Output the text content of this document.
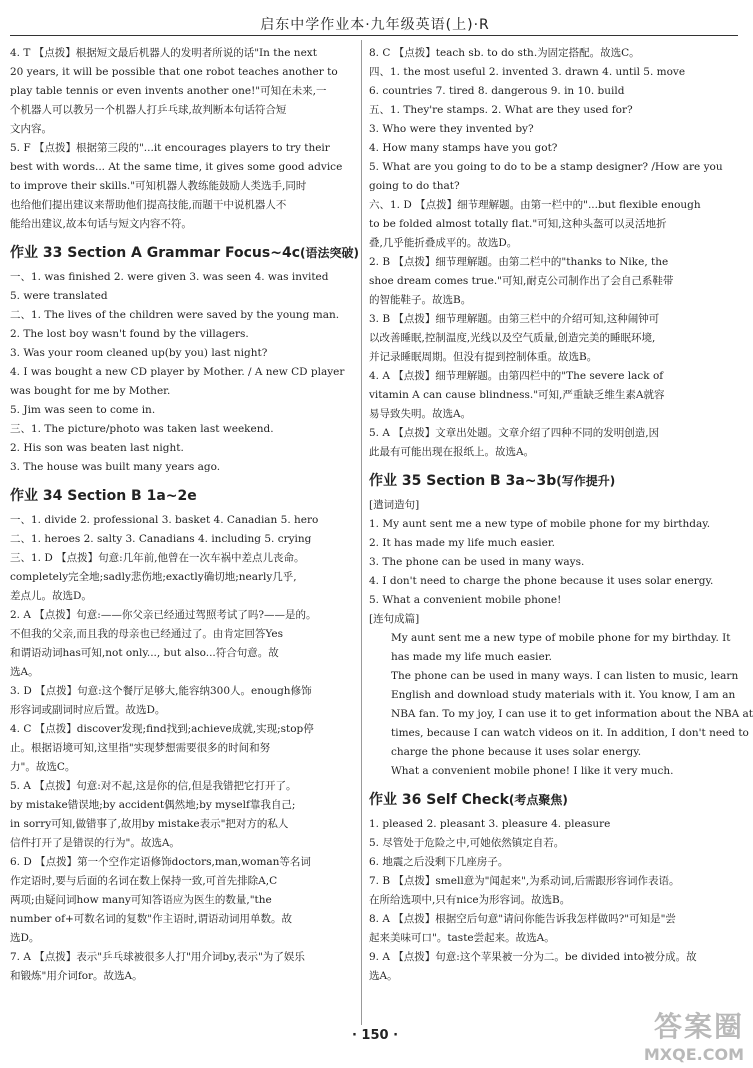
启东中学作业本·九年级英语(上)·R
4. T 【点拨】根据短文最后机器人的发明者所说的话"In the next
20 years, it will be possible that one robot teaches another to
play table tennis or even invents another one!"可知在未来,一
个机器人可以教另一个机器人打乒乓球,故判断本句话符合短
文内容。
5. F 【点拨】根据第三段的"...it encourages players to try their
best with words... At the same time, it gives some good advice
to improve their skills."可知机器人教练能鼓励人类选手,同时
也给他们提出建议来帮助他们提高技能,而题干中说机器人不
能给出建议,故本句话与短文内容不符。
作业 33 Section A Grammar Focus~4c(语法突破)
一、1. was finished 2. were given 3. was seen 4. was invited
5. were translated
二、1. The lives of the children were saved by the young man.
2. The lost boy wasn't found by the villagers.
3. Was your room cleaned up(by you) last night?
4. I was bought a new CD player by Mother. / A new CD player
was bought for me by Mother.
5. Jim was seen to come in.
三、1. The picture/photo was taken last weekend.
2. His son was beaten last night.
3. The house was built many years ago.
作业 34 Section B 1a~2e
一、1. divide 2. professional 3. basket 4. Canadian 5. hero
二、1. heroes 2. salty 3. Canadians 4. including 5. crying
三、1. D 【点拨】句意:几年前,他曾在一次车祸中差点儿丧命。
completely完全地;sadly悲伤地;exactly确切地;nearly几乎,
差点儿。故选D。
2. A 【点拨】句意:——你父亲已经通过驾照考试了吗?——是的。
不但我的父亲,而且我的母亲也已经通过了。由肯定回答Yes
和谓语动词has可知,not only..., but also...符合句意。故
选A。
3. D 【点拨】句意:这个餐厅足够大,能容纳300人。enough修饰
形容词或副词时应后置。故选D。
4. C 【点拨】discover发现;find找到;achieve成就,实现;stop停
止。根据语境可知,这里指"实现梦想需要很多的时间和努
力"。故选C。
5. A 【点拨】句意:对不起,这是你的信,但是我错把它打开了。
by mistake错误地;by accident偶然地;by myself靠我自己;
in sorry可知,做错事了,故用by mistake表示"把对方的私人
信件打开了是错误的行为"。故选A。
6. D 【点拨】第一个空作定语修饰doctors,man,woman等名词
作定语时,要与后面的名词在数上保持一致,可首先排除A,C
两项;由疑问词how many可知答语应为医生的数量,"the
number of+可数名词的复数"作主语时,谓语动词用单数。故
选D。
7. A 【点拨】表示"乒乓球被很多人打"用介词by,表示"为了娱乐
和锻炼"用介词for。故选A。
8. C 【点拨】teach sb. to do sth.为固定搭配。故选C。
四、1. the most useful 2. invented 3. drawn 4. until 5. move
6. countries 7. tired 8. dangerous 9. in 10. build
五、1. They're stamps. 2. What are they used for?
3. Who were they invented by?
4. How many stamps have you got?
5. What are you going to do to be a stamp designer? /How are you
going to do that?
六、1. D 【点拨】细节理解题。由第一栏中的"...but flexible enough
to be folded almost totally flat."可知,这种头盔可以灵活地折
叠,几乎能折叠成平的。故选D。
2. B 【点拨】细节理解题。由第二栏中的"thanks to Nike, the
shoe dream comes true."可知,耐克公司制作出了会自己系鞋带
的智能鞋子。故选B。
3. B 【点拨】细节理解题。由第三栏中的介绍可知,这种闹钟可
以改善睡眠,控制温度,光线以及空气质量,创造完美的睡眠环境,
并记录睡眠周期。但没有提到控制体重。故选B。
4. A 【点拨】细节理解题。由第四栏中的"The severe lack of
vitamin A can cause blindness."可知,严重缺乏维生素A就容
易导致失明。故选A。
5. A 【点拨】文章出处题。文章介绍了四种不同的发明创造,因
此最有可能出现在报纸上。故选A。
作业 35 Section B 3a~3b(写作提升)
[遣词造句]
1. My aunt sent me a new type of mobile phone for my birthday.
2. It has made my life much easier.
3. The phone can be used in many ways.
4. I don't need to charge the phone because it uses solar energy.
5. What a convenient mobile phone!
[连句成篇]
My aunt sent me a new type of mobile phone for my birthday. It
has made my life much easier.
The phone can be used in many ways. I can listen to music, learn
English and download study materials with it. You know, I am an
NBA fan. To my joy, I can use it to get information about the NBA at
times, because I can watch videos on it. In addition, I don't need to
charge the phone because it uses solar energy.
What a convenient mobile phone! I like it very much.
作业 36 Self Check(考点聚焦)
1. pleased 2. pleasant 3. pleasure 4. pleasure
5. 尽管处于危险之中,可她依然镇定自若。
6. 地震之后没剩下几座房子。
7. B 【点拨】smell意为"闻起来",为系动词,后需跟形容词作表语。
在所给选项中,只有nice为形容词。故选B。
8. A 【点拨】根据空后句意"请问你能告诉我怎样做吗?"可知是"尝
起来美味可口"。taste尝起来。故选A。
9. A 【点拨】句意:这个苹果被一分为二。be divided into被分成。故
选A。
· 150 ·	答案圈
MXQE.COM
